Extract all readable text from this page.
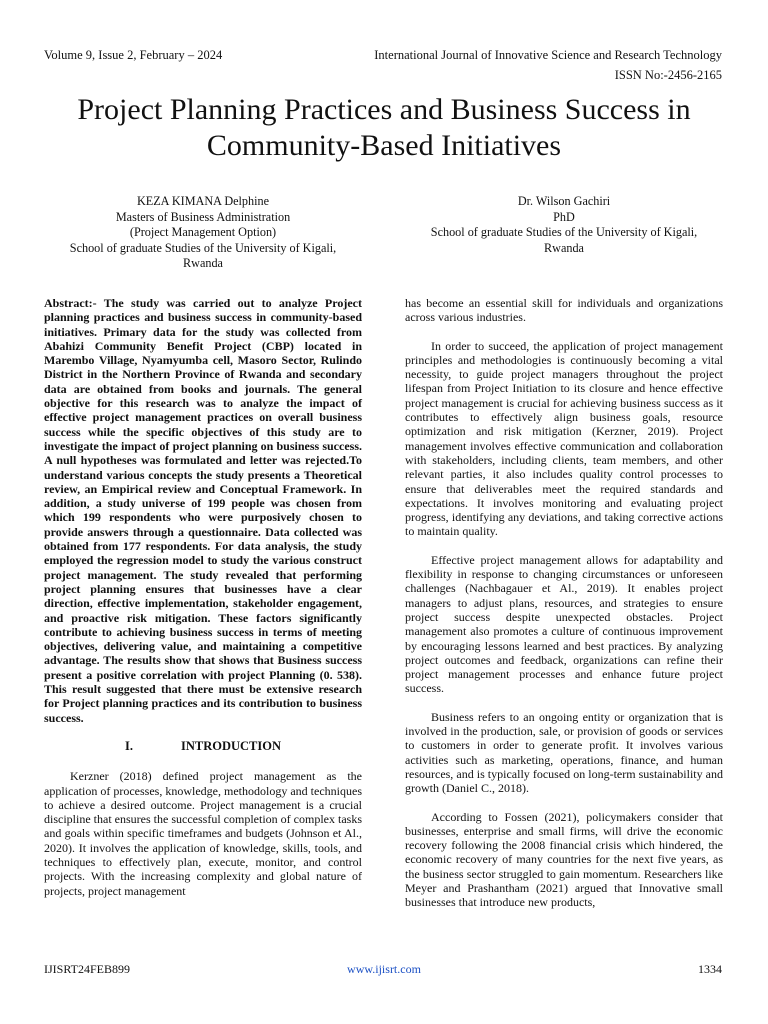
Volume 9, Issue 2, February – 2024	International Journal of Innovative Science and Research Technology
ISSN No:-2456-2165
Project Planning Practices and Business Success in
Community-Based Initiatives
KEZA KIMANA Delphine
Masters of Business Administration
(Project Management Option)
School of graduate Studies of the University of Kigali,
Rwanda
Dr. Wilson Gachiri
PhD
School of graduate Studies of the University of Kigali,
Rwanda

Abstract:- The study was carried out to analyze Project planning practices and business success in community-based initiatives. Primary data for the study was collected from Abahizi Community Benefit Project (CBP) located in Marembo Village, Nyamyumba cell, Masoro Sector, Rulindo District in the Northern Province of Rwanda and secondary data are obtained from books and journals. The general objective for this research was to analyze the impact of effective project management practices on overall business success while the specific objectives of this study are to investigate the impact of project planning on business success. A null hypotheses was formulated and letter was rejected.To understand various concepts the study presents a Theoretical review, an Empirical review and Conceptual Framework. In addition, a study universe of 199 people was chosen from which 199 respondents who were purposively chosen to provide answers through a questionnaire. Data collected was obtained from 177 respondents. For data analysis, the study employed the regression model to study the various construct project management. The study revealed that performing project planning ensures that businesses have a clear direction, effective implementation, stakeholder engagement, and proactive risk mitigation. These factors significantly contribute to achieving business success in terms of meeting objectives, delivering value, and maintaining a competitive advantage. The results show that shows that Business success present a positive correlation with project Planning (0. 538). This result suggested that there must be extensive research for Project planning practices and its contribution to business success.

I.	INTRODUCTION

Kerzner (2018) defined project management as the application of processes, knowledge, methodology and techniques to achieve a desired outcome. Project management is a crucial discipline that ensures the successful completion of complex tasks and goals within specific timeframes and budgets (Johnson et Al., 2020). It involves the application of knowledge, skills, tools, and techniques to effectively plan, execute, monitor, and control projects. With the increasing complexity and global nature of projects, project management

has become an essential skill for individuals and organizations across various industries.

In order to succeed, the application of project management principles and methodologies is continuously becoming a vital necessity, to guide project managers throughout the project lifespan from Project Initiation to its closure and hence effective project management is crucial for achieving business success as it contributes to effectively align business goals, resource optimization and risk mitigation (Kerzner, 2019). Project management involves effective communication and collaboration with stakeholders, including clients, team members, and other relevant parties, it also includes quality control processes to ensure that deliverables meet the required standards and expectations. It involves monitoring and evaluating project progress, identifying any deviations, and taking corrective actions to maintain quality.

Effective project management allows for adaptability and flexibility in response to changing circumstances or unforeseen challenges (Nachbagauer et Al., 2019). It enables project managers to adjust plans, resources, and strategies to ensure project success despite unexpected obstacles. Project management also promotes a culture of continuous improvement by encouraging lessons learned and best practices. By analyzing project outcomes and feedback, organizations can refine their project management processes and enhance future project success.

Business refers to an ongoing entity or organization that is involved in the production, sale, or provision of goods or services to customers in order to generate profit. It involves various activities such as marketing, operations, finance, and human resources, and is typically focused on long-term sustainability and growth (Daniel C., 2018).

According to Fossen (2021), policymakers consider that businesses, enterprise and small firms, will drive the economic recovery following the 2008 financial crisis which hindered, the economic recovery of many countries for the next five years, as the business sector struggled to gain momentum. Researchers like Meyer and Prashantham (2021) argued that Innovative small businesses that introduce new products,

IJISRT24FEB899	www.ijisrt.com	1334
